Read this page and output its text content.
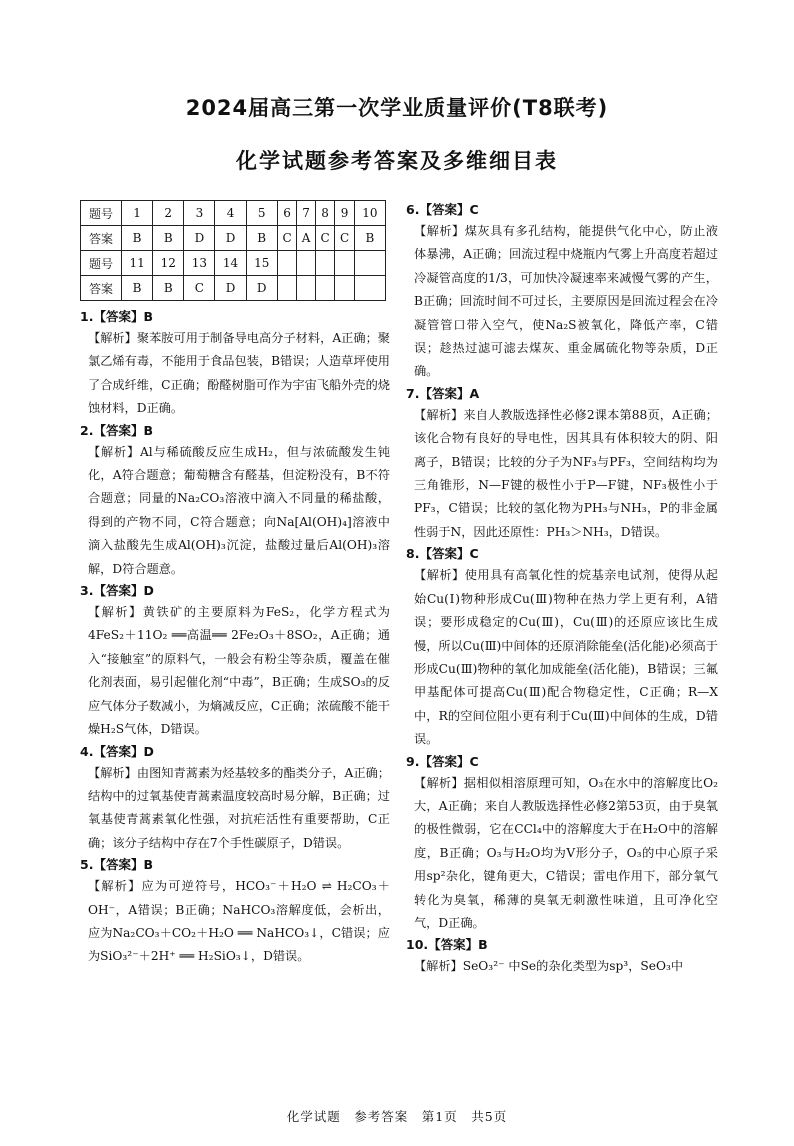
2024届高三第一次学业质量评价(T8联考)
化学试题参考答案及多维细目表
题号	1	2	3	4	5	6	7	8	9	10
答案	B	B	D	D	B	C	A	C	C	B
题号	11	12	13	14	15					
答案	B	B	C	D	D					
1.【答案】B
【解析】聚苯胺可用于制备导电高分子材料，A正确；聚氯乙烯有毒，不能用于食品包装，B错误；人造草坪使用了合成纤维，C正确；酚醛树脂可作为宇宙飞船外壳的烧蚀材料，D正确。
2.【答案】B
【解析】Al与稀硫酸反应生成H₂，但与浓硫酸发生钝化，A符合题意；葡萄糖含有醛基，但淀粉没有，B不符合题意；同量的Na₂CO₃溶液中滴入不同量的稀盐酸，得到的产物不同，C符合题意；向Na[Al(OH)₄]溶液中滴入盐酸先生成Al(OH)₃沉淀，盐酸过量后Al(OH)₃溶解，D符合题意。
3.【答案】D
【解析】黄铁矿的主要原料为FeS₂，化学方程式为4FeS₂＋11O₂ ══高温══ 2Fe₂O₃＋8SO₂，A正确；通入“接触室”的原料气，一般会有粉尘等杂质，覆盖在催化剂表面，易引起催化剂“中毒”，B正确；生成SO₃的反应气体分子数减小，为熵减反应，C正确；浓硫酸不能干燥H₂S气体，D错误。
4.【答案】D
【解析】由图知青蒿素为烃基较多的酯类分子，A正确；结构中的过氧基使青蒿素温度较高时易分解，B正确；过氧基使青蒿素氧化性强，对抗疟活性有重要帮助，C正确；该分子结构中存在7个手性碳原子，D错误。
5.【答案】B
【解析】应为可逆符号，HCO₃⁻＋H₂O ⇌ H₂CO₃＋OH⁻，A错误；B正确；NaHCO₃溶解度低，会析出，应为Na₂CO₃＋CO₂＋H₂O ══ NaHCO₃↓，C错误；应为SiO₃²⁻＋2H⁺ ══ H₂SiO₃↓，D错误。
6.【答案】C
【解析】煤灰具有多孔结构，能提供气化中心，防止液体暴沸，A正确；回流过程中烧瓶内气雾上升高度若超过冷凝管高度的1/3，可加快冷凝速率来减慢气雾的产生，B正确；回流时间不可过长，主要原因是回流过程会在冷凝管管口带入空气，使Na₂S被氧化，降低产率，C错误；趁热过滤可滤去煤灰、重金属硫化物等杂质，D正确。
7.【答案】A
【解析】来自人教版选择性必修2课本第88页，A正确；该化合物有良好的导电性，因其具有体积较大的阴、阳离子，B错误；比较的分子为NF₃与PF₃，空间结构均为三角锥形，N—F键的极性小于P—F键，NF₃极性小于PF₃，C错误；比较的氢化物为PH₃与NH₃，P的非金属性弱于N，因此还原性：PH₃＞NH₃，D错误。
8.【答案】C
【解析】使用具有高氧化性的烷基亲电试剂，使得从起始Cu(Ⅰ)物种形成Cu(Ⅲ)物种在热力学上更有利，A错误；要形成稳定的Cu(Ⅲ)，Cu(Ⅲ)的还原应该比生成慢，所以Cu(Ⅲ)中间体的还原消除能垒(活化能)必须高于形成Cu(Ⅲ)物种的氧化加成能垒(活化能)，B错误；三氟甲基配体可提高Cu(Ⅲ)配合物稳定性，C正确；R—X中，R的空间位阻小更有利于Cu(Ⅲ)中间体的生成，D错误。
9.【答案】C
【解析】据相似相溶原理可知，O₃在水中的溶解度比O₂大，A正确；来自人教版选择性必修2第53页，由于臭氧的极性微弱，它在CCl₄中的溶解度大于在H₂O中的溶解度，B正确；O₃与H₂O均为V形分子，O₃的中心原子采用sp²杂化，键角更大，C错误；雷电作用下，部分氧气转化为臭氧，稀薄的臭氧无刺激性味道，且可净化空气，D正确。
10.【答案】B
【解析】SeO₃²⁻ 中Se的杂化类型为sp³，SeO₃中
化学试题　参考答案　第1页　共5页
